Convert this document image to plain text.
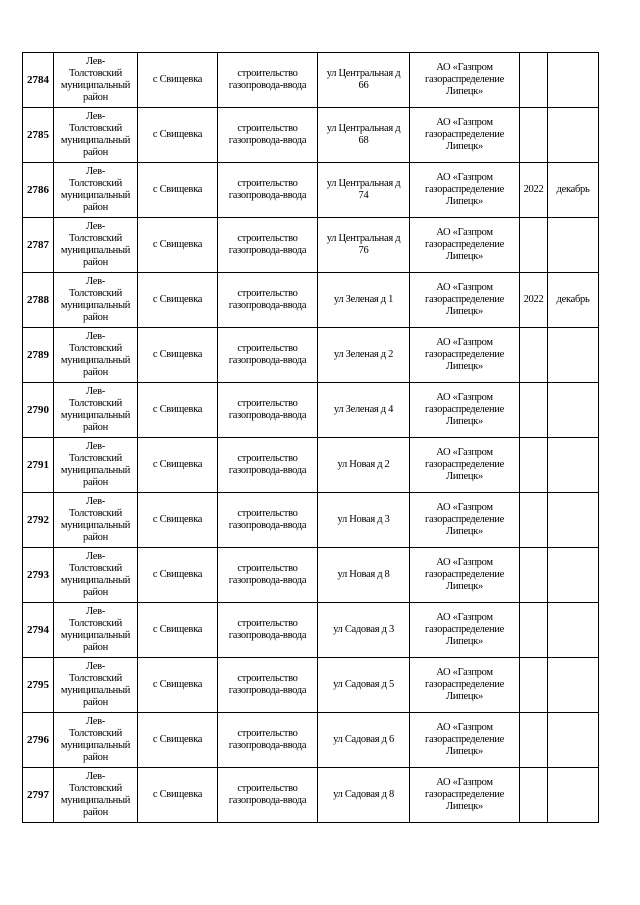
2784	Лев-
Толстовский
муниципальный
район	с Свищевка	строительство
газопровода-ввода	ул Центральная д
66	АО «Газпром
газораспределение
Липецк»		

2785	Лев-
Толстовский
муниципальный
район	с Свищевка	строительство
газопровода-ввода	ул Центральная д
68	АО «Газпром
газораспределение
Липецк»		

2786	Лев-
Толстовский
муниципальный
район	с Свищевка	строительство
газопровода-ввода	ул Центральная д
74	АО «Газпром
газораспределение
Липецк»	2022	декабрь
2787	Лев-
Толстовский
муниципальный
район	с Свищевка	строительство
газопровода-ввода	ул Центральная д
76	АО «Газпром
газораспределение
Липецк»		

2788	Лев-
Толстовский
муниципальный
район	с Свищевка	строительство
газопровода-ввода	ул Зеленая д 1	АО «Газпром
газораспределение
Липецк»	2022	декабрь
2789	Лев-
Толстовский
муниципальный
район	с Свищевка	строительство
газопровода-ввода	ул Зеленая д 2	АО «Газпром
газораспределение
Липецк»		

2790	Лев-
Толстовский
муниципальный
район	с Свищевка	строительство
газопровода-ввода	ул Зеленая д 4	АО «Газпром
газораспределение
Липецк»		

2791	Лев-
Толстовский
муниципальный
район	с Свищевка	строительство
газопровода-ввода	ул Новая д 2	АО «Газпром
газораспределение
Липецк»		

2792	Лев-
Толстовский
муниципальный
район	с Свищевка	строительство
газопровода-ввода	ул Новая д 3	АО «Газпром
газораспределение
Липецк»		

2793	Лев-
Толстовский
муниципальный
район	с Свищевка	строительство
газопровода-ввода	ул Новая д 8	АО «Газпром
газораспределение
Липецк»		

2794	Лев-
Толстовский
муниципальный
район	с Свищевка	строительство
газопровода-ввода	ул Садовая д 3	АО «Газпром
газораспределение
Липецк»		

2795	Лев-
Толстовский
муниципальный
район	с Свищевка	строительство
газопровода-ввода	ул Садовая д 5	АО «Газпром
газораспределение
Липецк»		

2796	Лев-
Толстовский
муниципальный
район	с Свищевка	строительство
газопровода-ввода	ул Садовая д 6	АО «Газпром
газораспределение
Липецк»		

2797	Лев-
Толстовский
муниципальный
район	с Свищевка	строительство
газопровода-ввода	ул Садовая д 8	АО «Газпром
газораспределение
Липецк»		
